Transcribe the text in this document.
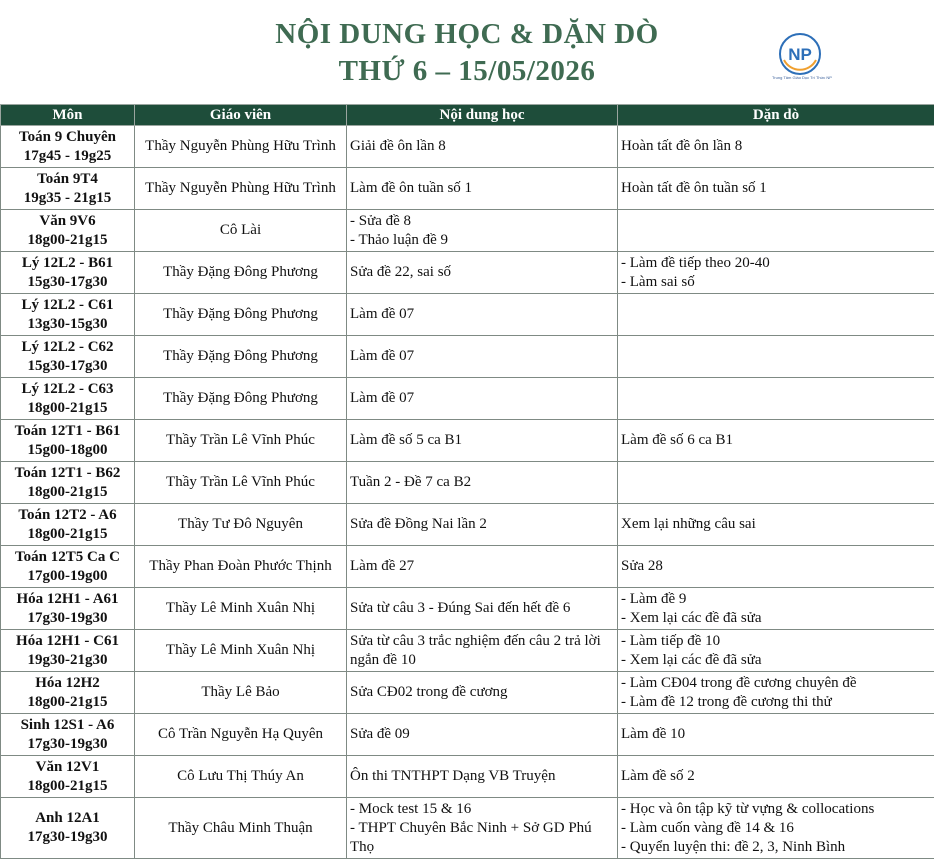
NỘI DUNG HỌC & DẶN DÒ
THỨ 6 – 15/05/2026
NP
Trung Tâm Giáo Dục Trí Thức NP
Môn	Giáo viên	Nội dung học	Dặn dò

Toán 9 Chuyên
17g45 - 19g25	Thầy Nguyễn Phùng Hữu Trình	Giải đề ôn lần 8	Hoàn tất đề ôn lần 8

Toán 9T4
19g35 - 21g15	Thầy Nguyễn Phùng Hữu Trình	Làm đề ôn tuần số 1	Hoàn tất đề ôn tuần số 1

Văn 9V6
18g00-21g15	Cô Lài	- Sửa đề 8
- Thảo luận đề 9	

Lý 12L2 - B61
15g30-17g30	Thầy Đặng Đông Phương	Sửa đề 22, sai số	- Làm đề tiếp theo 20-40
- Làm sai số

Lý 12L2 - C61
13g30-15g30	Thầy Đặng Đông Phương	Làm đề 07	

Lý 12L2 - C62
15g30-17g30	Thầy Đặng Đông Phương	Làm đề 07	

Lý 12L2 - C63
18g00-21g15	Thầy Đặng Đông Phương	Làm đề 07	

Toán 12T1 - B61
15g00-18g00	Thầy Trần Lê Vĩnh Phúc	Làm đề số 5 ca B1	Làm đề số 6 ca B1

Toán 12T1 - B62
18g00-21g15	Thầy Trần Lê Vĩnh Phúc	Tuần 2 - Đề 7 ca B2	

Toán 12T2 - A6
18g00-21g15	Thầy Tư Đô Nguyên	Sửa đề Đồng Nai lần 2	Xem lại những câu sai

Toán 12T5 Ca C
17g00-19g00	Thầy Phan Đoàn Phước Thịnh	Làm đề 27	Sửa 28

Hóa 12H1 - A61
17g30-19g30	Thầy Lê Minh Xuân Nhị	Sửa từ câu 3 - Đúng Sai đến hết đề 6	- Làm đề 9
- Xem lại các đề đã sửa

Hóa 12H1 - C61
19g30-21g30	Thầy Lê Minh Xuân Nhị	Sửa từ câu 3 trắc nghiệm đến câu 2 trả lời
ngắn đề 10	- Làm tiếp đề 10
- Xem lại các đề đã sửa

Hóa 12H2
18g00-21g15	Thầy Lê Bảo	Sửa CĐ02 trong đề cương	- Làm CĐ04 trong đề cương chuyên đề
- Làm đề 12 trong đề cương thi thử

Sinh 12S1 - A6
17g30-19g30	Cô Trần Nguyễn Hạ Quyên	Sửa đề 09	Làm đề 10

Văn 12V1
18g00-21g15	Cô Lưu Thị Thúy An	Ôn thi TNTHPT Dạng VB Truyện	Làm đề số 2

Anh 12A1
17g30-19g30	Thầy Châu Minh Thuận	- Mock test 15 & 16
- THPT Chuyên Bắc Ninh + Sở GD Phú
Thọ	- Học và ôn tập kỹ từ vựng & collocations
- Làm cuốn vàng đề 14 & 16
- Quyển luyện thi: đề 2, 3, Ninh Bình
